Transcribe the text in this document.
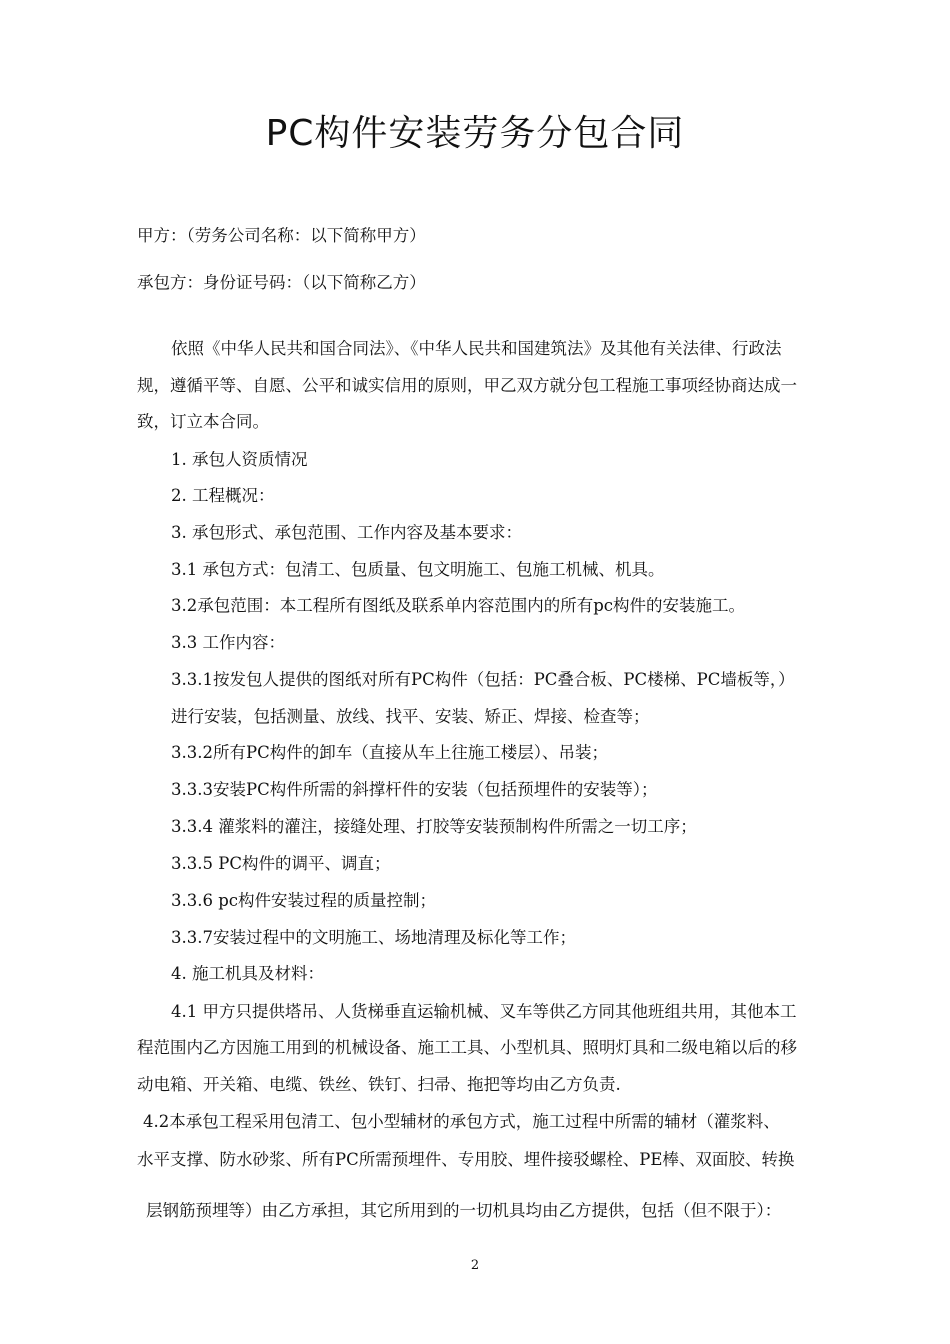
PC构件安装劳务分包合同
甲方：（劳务公司名称：以下简称甲方）
承包方：身份证号码：（以下简称乙方）
依照《中华人民共和国合同法》、《中华人民共和国建筑法》及其他有关法律、行政法
规，遵循平等、自愿、公平和诚实信用的原则，甲乙双方就分包工程施工事项经协商达成一
致，订立本合同。
1. 承包人资质情况
2. 工程概况：
3. 承包形式、承包范围、工作内容及基本要求：
3.1 承包方式：包清工、包质量、包文明施工、包施工机械、机具。
3.2承包范围：本工程所有图纸及联系单内容范围内的所有pc构件的安装施工。
3.3 工作内容：
3.3.1按发包人提供的图纸对所有PC构件（包括：PC叠合板、PC楼梯、PC墙板等，）
进行安装，包括测量、放线、找平、安装、矫正、焊接、检查等；
3.3.2所有PC构件的卸车（直接从车上往施工楼层）、吊装；
3.3.3安装PC构件所需的斜撑杆件的安装（包括预埋件的安装等）；
3.3.4 灌浆料的灌注，接缝处理、打胶等安装预制构件所需之一切工序；
3.3.5 PC构件的调平、调直；
3.3.6 pc构件安装过程的质量控制；
3.3.7安装过程中的文明施工、场地清理及标化等工作；
4. 施工机具及材料：
4.1 甲方只提供塔吊、人货梯垂直运输机械、叉车等供乙方同其他班组共用，其他本工
程范围内乙方因施工用到的机械设备、施工工具、小型机具、照明灯具和二级电箱以后的移
动电箱、开关箱、电缆、铁丝、铁钉、扫帚、拖把等均由乙方负责.
4.2本承包工程采用包清工、包小型辅材的承包方式，施工过程中所需的辅材（灌浆料、
水平支撑、防水砂浆、所有PC所需预埋件、专用胶、埋件接驳螺栓、PE棒、双面胶、转换
层钢筋预埋等）由乙方承担，其它所用到的一切机具均由乙方提供，包括（但不限于）：
2
